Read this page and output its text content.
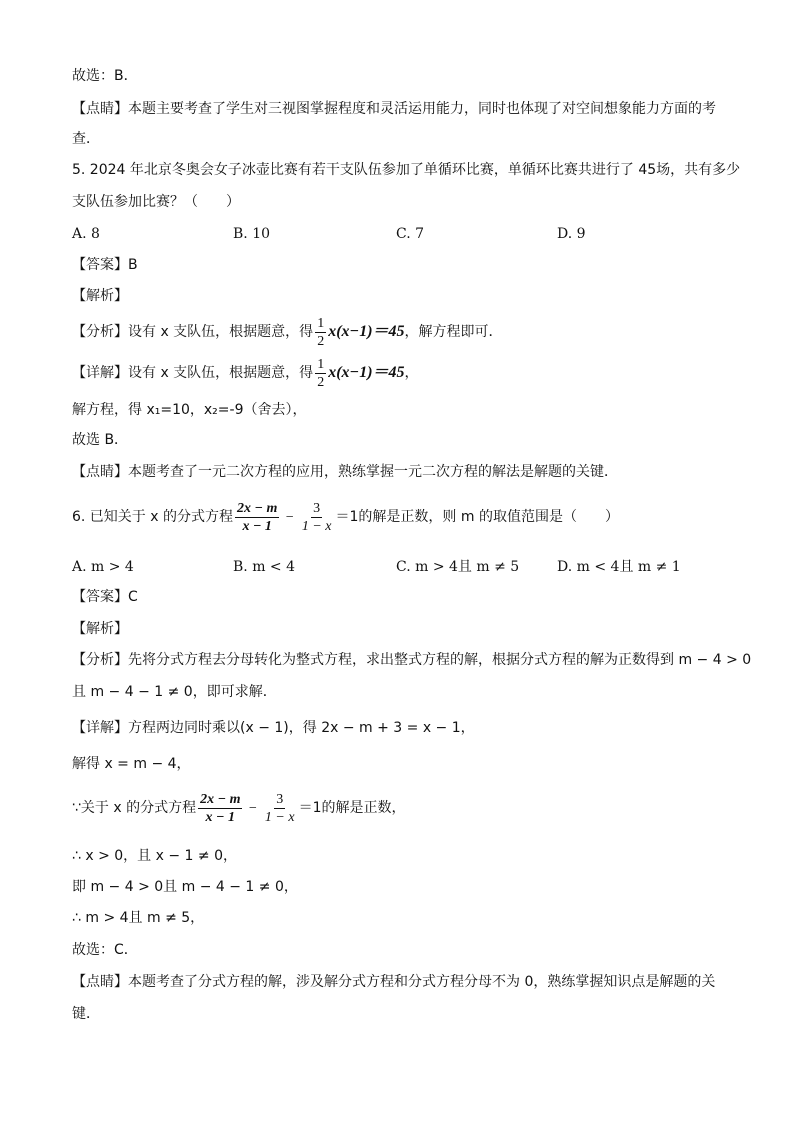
故选：B．
【点睛】本题主要考查了学生对三视图掌握程度和灵活运用能力，同时也体现了对空间想象能力方面的考
查．
5. 2024 年北京冬奥会女子冰壶比赛有若干支队伍参加了单循环比赛，单循环比赛共进行了 45场，共有多少
支队伍参加比赛？（　　）
A. 8	B. 10	C. 7	D. 9
【答案】B
【解析】
【分析】设有 x 支队伍，根据题意，得 $\frac{1}{2} x(x-1)=45$，解方程即可．
【详解】设有 x 支队伍，根据题意，得 $\frac{1}{2} x(x-1)=45$，
解方程，得 x₁=10，x₂=-9（舍去），
故选 B．
【点睛】本题考查了一元二次方程的应用，熟练掌握一元二次方程的解法是解题的关键．
6. 已知关于 x 的分式方程 $\frac{2x - m}{x - 1} - \frac{3}{1 - x} =1$的解是正数，则 m 的取值范围是（　　）
A. m > 4	B. m < 4	C. m > 4且 m ≠ 5	D. m < 4且 m ≠ 1
【答案】C
【解析】
【分析】先将分式方程去分母转化为整式方程，求出整式方程的解，根据分式方程的解为正数得到 m − 4 > 0
且 m − 4 − 1 ≠ 0，即可求解．
【详解】方程两边同时乘以(x − 1)，得 2x − m + 3 = x − 1，
解得 x = m − 4，
∵关于 x 的分式方程 $\frac{2x - m}{x - 1} - \frac{3}{1 - x} =1$的解是正数，
∴ x > 0，且 x − 1 ≠ 0，
即 m − 4 > 0且 m − 4 − 1 ≠ 0，
∴ m > 4且 m ≠ 5，
故选：C．
【点睛】本题考查了分式方程的解，涉及解分式方程和分式方程分母不为 0，熟练掌握知识点是解题的关
键．
